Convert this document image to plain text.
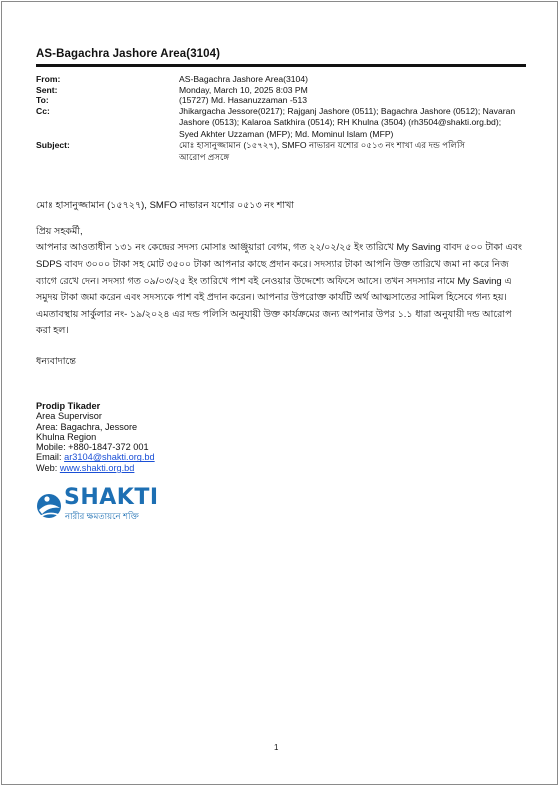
AS-Bagachra Jashore Area(3104)
From:	AS-Bagachra Jashore Area(3104)
Sent:	Monday, March 10, 2025 8:03 PM
To:	(15727) Md. Hasanuzzaman -513
Cc:	Jhikargacha Jessore(0217); Rajganj Jashore (0511); Bagachra Jashore (0512); Navaran
Jashore (0513); Kalaroa Satkhira (0514); RH Khulna (3504) (rh3504@shakti.org.bd);
Syed Akhter Uzzaman (MFP); Md. Mominul Islam (MFP)
Subject:	মোঃ হাসানুজ্জামান (১৫৭২৭), SMFO নাভারন যশোর ০৫১৩ নং শাখা এর দন্ড পলিসি
আরোপ প্রসঙ্গে

মোঃ হাসানুজ্জামান (১৫৭২৭), SMFO নাভারন যশোর ০৫১৩ নং শাখা

প্রিয় সহকর্মী,

আপনার আওতাধীন ১৩১ নং কেন্দ্রের সদস্য মোসাঃ আঞ্জুয়ারা বেগম, গত ২২/০২/২৫ ইং তারিখে My Saving বাবদ ৫০০ টাকা এবং SDPS বাবদ ৩০০০ টাকা সহ মোট ৩৫০০ টাকা আপনার কাছে প্রদান করে। সদস্যার টাকা আপনি উক্ত তারিখে জমা না করে নিজ ব্যাগে রেখে দেন। সদস্যা গত ০৯/০৩/২৫ ইং তারিখে পাশ বই নেওয়ার উদ্দেশ্যে অফিসে আসে। তখন সদস্যার নামে My Saving এ সমুদয় টাকা জমা করেন এবং সদস্যকে পাশ বই প্রদান করেন। আপনার উপরোক্ত কার্যটি অর্থ আত্মসাতের সামিল হিসেবে গন্য হয়।

এমতাবস্থায় সার্কুলার নং- ১৯/২০২৪ এর দন্ড পলিসি অনুযায়ী উক্ত কার্যক্রমের জন্য আপনার উপর ১.১ ধারা অনুযায়ী দন্ড আরোপ করা হল।

ধন্যবাদান্তে

Prodip Tikader
Area Supervisor
Area: Bagachra, Jessore
Khulna Region
Mobile: +880-1847-372 001
Email: ar3104@shakti.org.bd
Web: www.shakti.org.bd
SHAKTI
নারীর ক্ষমতায়নে শক্তি
1
